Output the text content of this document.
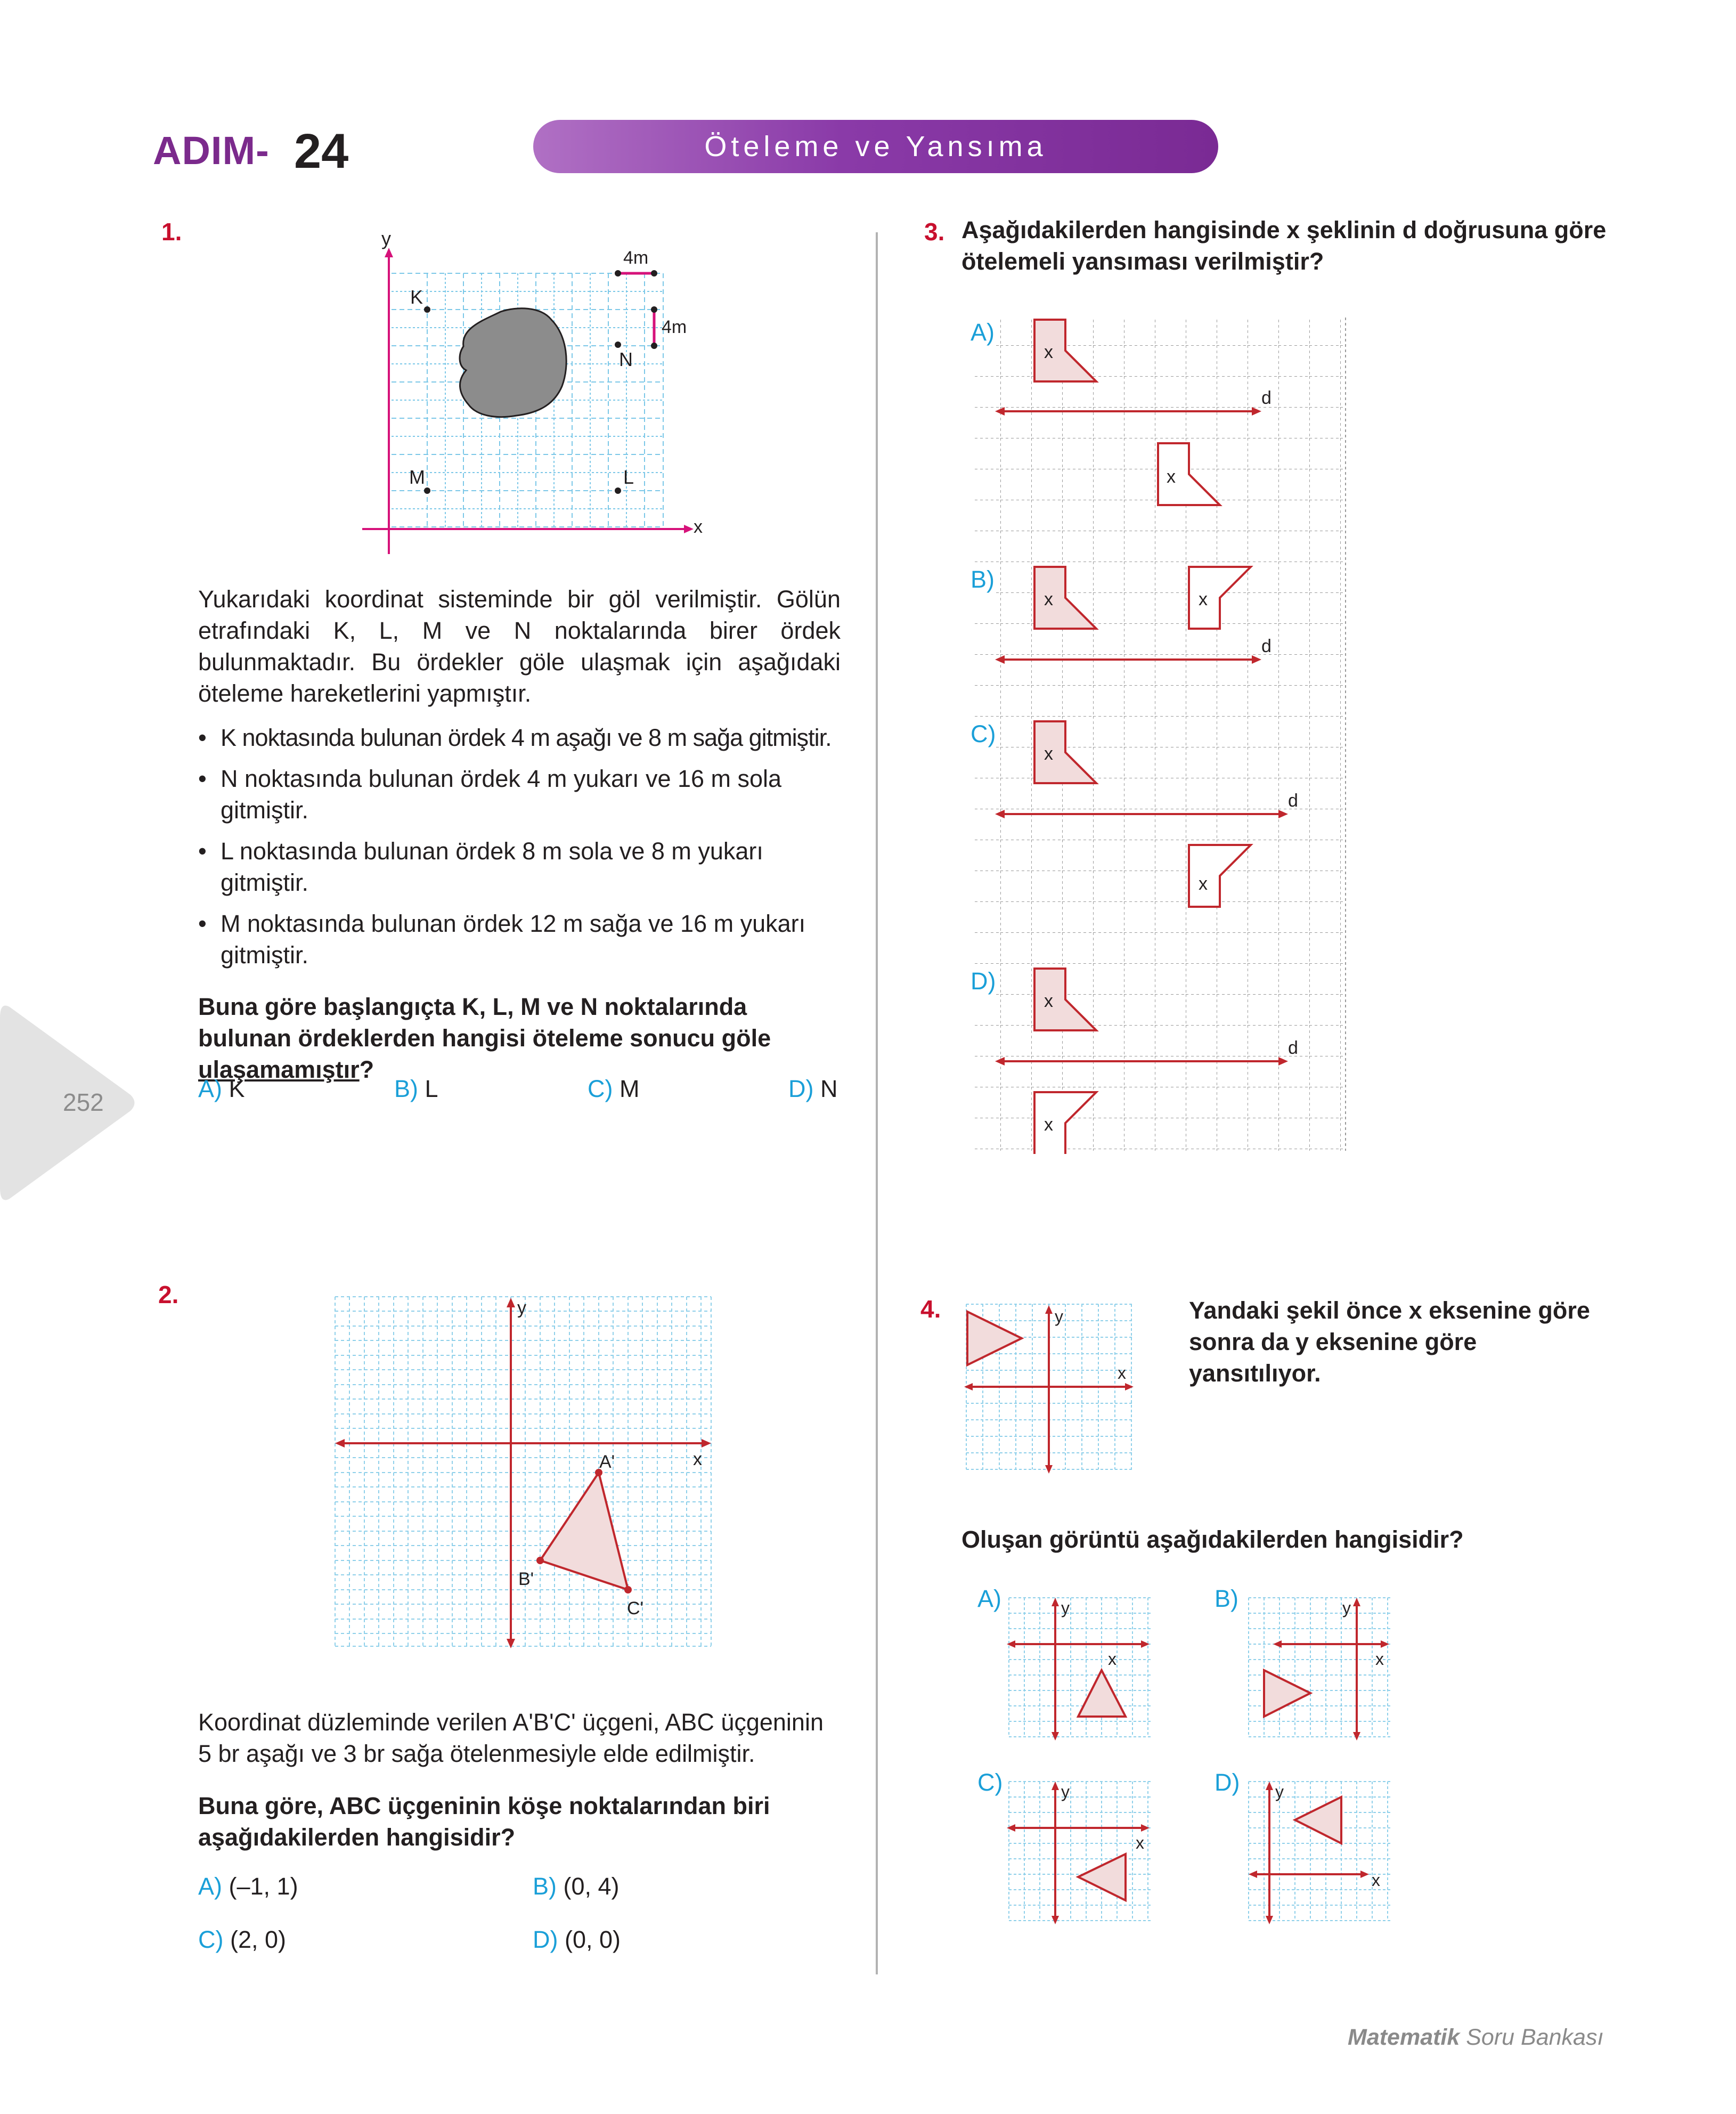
ADIM- 24	Öteleme ve Yansıma
252
1.	y
x
K
N
M	L
4m
4m
Yukarıdaki koordinat sisteminde bir göl verilmiştir. Gölün etrafındaki K, L, M ve N noktalarında birer ördek bulunmaktadır. Bu ördekler göle ulaşmak için aşağıdaki öteleme hareketlerini yapmıştır.
• K noktasında bulunan ördek 4 m aşağı ve 8 m sağa gitmiştir.
• N noktasında bulunan ördek 4 m yukarı ve 16 m sola gitmiştir.
• L noktasında bulunan ördek 8 m sola ve 8 m yukarı gitmiştir.
• M noktasında bulunan ördek 12 m sağa ve 16 m yukarı gitmiştir.
Buna göre başlangıçta K, L, M ve N noktalarında bulunan ördeklerden hangisi öteleme sonucu göle ulaşamamıştır?
A) K	B) L	C) M	D) N
2.	y
x
A'
B'
C'
Koordinat düzleminde verilen A'B'C' üçgeni, ABC üçgeninin 5 br aşağı ve 3 br sağa ötelenmesiyle elde edilmiştir.
Buna göre, ABC üçgeninin köşe noktalarından biri aşağıdakilerden hangisidir?
A) (–1, 1)	B) (0, 4)
C) (2, 0)	D) (0, 0)
3. Aşağıdakilerden hangisinde x şeklinin d doğrusuna göre ötelemeli yansıması verilmiştir?
x
d
x
x	x
d
x
d
x
x
d
x
A)
B)
C)
D)
4.	y
x
Yandaki şekil önce x eksenine göre sonra da y eksenine göre yansıtılıyor.
Oluşan görüntü aşağıdakilerden hangisidir?
A)	y
x
B)	y
x
C)	y
x
D) y
x
Matematik Soru Bankası
